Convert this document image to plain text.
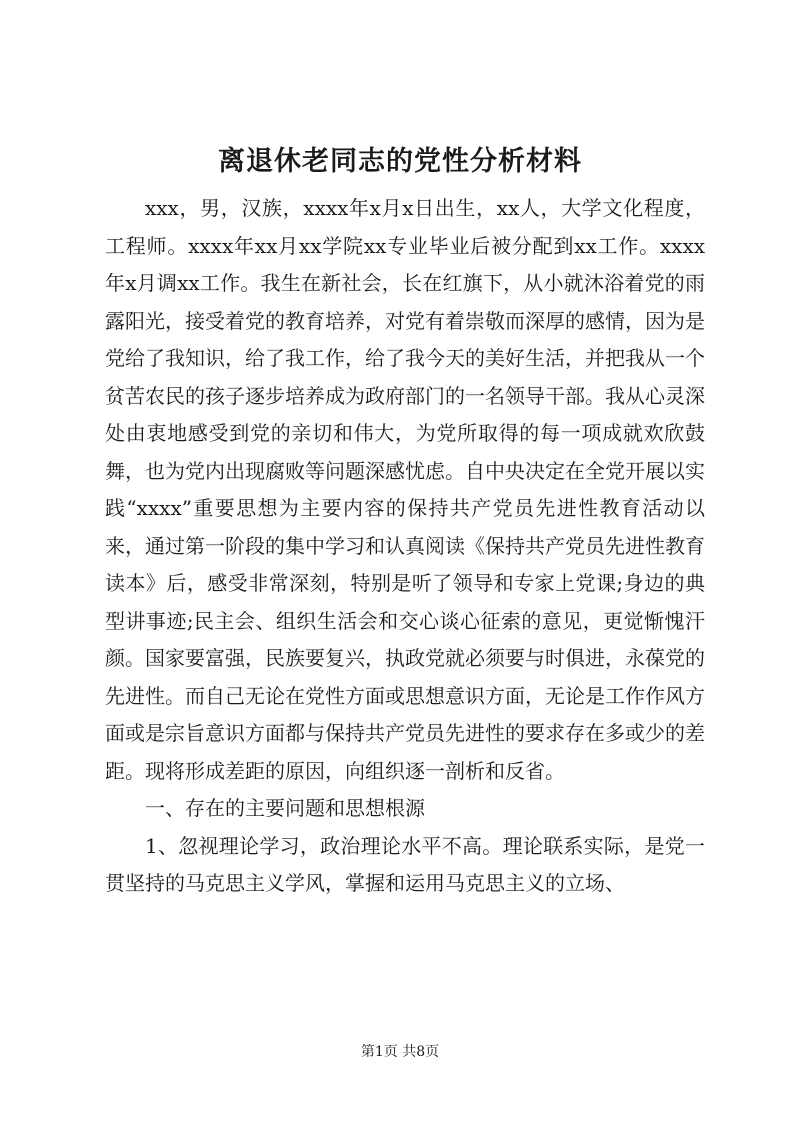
离退休老同志的党性分析材料

xxx，男，汉族，xxxx年x月x日出生，xx人，大学文化程度，工程师。xxxx年xx月xx学院xx专业毕业后被分配到xx工作。xxxx年x月调xx工作。我生在新社会，长在红旗下，从小就沐浴着党的雨露阳光，接受着党的教育培养，对党有着崇敬而深厚的感情，因为是党给了我知识，给了我工作，给了我今天的美好生活，并把我从一个贫苦农民的孩子逐步培养成为政府部门的一名领导干部。我从心灵深处由衷地感受到党的亲切和伟大，为党所取得的每一项成就欢欣鼓舞，也为党内出现腐败等问题深感忧虑。自中央决定在全党开展以实践“xxxx”重要思想为主要内容的保持共产党员先进性教育活动以来，通过第一阶段的集中学习和认真阅读《保持共产党员先进性教育读本》后，感受非常深刻，特别是听了领导和专家上党课;身边的典型讲事迹;民主会、组织生活会和交心谈心征索的意见，更觉惭愧汗颜。国家要富强，民族要复兴，执政党就必须要与时俱进，永葆党的先进性。而自己无论在党性方面或思想意识方面，无论是工作作风方面或是宗旨意识方面都与保持共产党员先进性的要求存在多或少的差距。现将形成差距的原因，向组织逐一剖析和反省。

一、存在的主要问题和思想根源

1、忽视理论学习，政治理论水平不高。理论联系实际，是党一贯坚持的马克思主义学风，掌握和运用马克思主义的立场、

第1页 共8页
